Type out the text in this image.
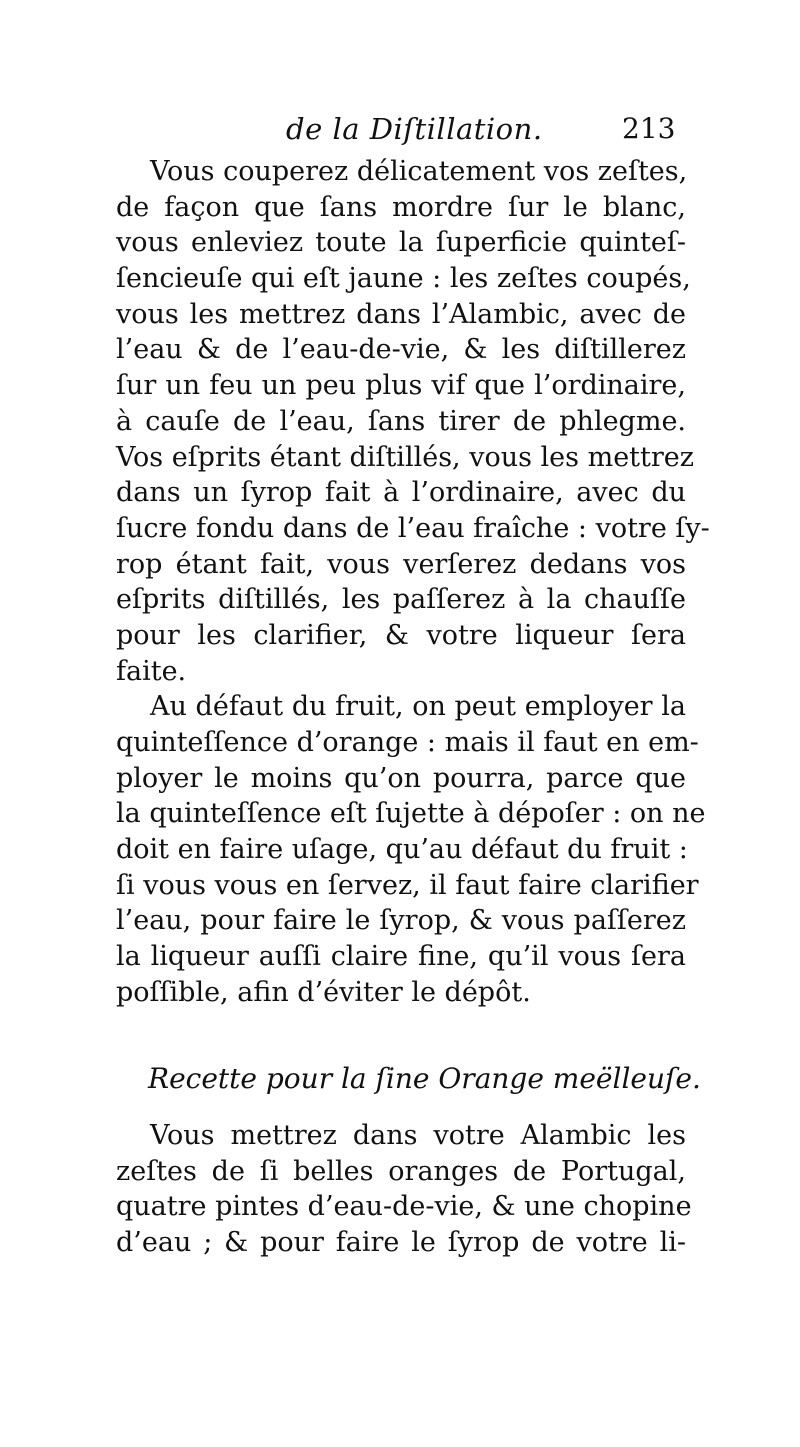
de la Diſtillation.	213
Vous couperez délicatement vos zeſtes,
de façon que ſans mordre ſur le blanc,
vous enleviez toute la ſuperficie quinteſ-
ſencieuſe qui eſt jaune : les zeſtes coupés,
vous les mettrez dans l’Alambic, avec de
l’eau & de l’eau-de-vie, & les diſtillerez
ſur un feu un peu plus vif que l’ordinaire,
à cauſe de l’eau, ſans tirer de phlegme.
Vos eſprits étant diſtillés, vous les mettrez
dans un ſyrop fait à l’ordinaire, avec du
ſucre fondu dans de l’eau fraîche : votre ſy-
rop étant fait, vous verſerez dedans vos
eſprits diſtillés, les paſſerez à la chauſſe
pour les clarifier, & votre liqueur ſera
faite.
Au défaut du fruit, on peut employer la
quinteſſence d’orange : mais il faut en em-
ployer le moins qu’on pourra, parce que
la quinteſſence eſt ſujette à dépoſer : on ne
doit en faire uſage, qu’au défaut du fruit :
ſi vous vous en ſervez, il faut faire clarifier
l’eau, pour faire le ſyrop, & vous paſſerez
la liqueur auſſi claire fine, qu’il vous ſera
poſſible, afin d’éviter le dépôt.
Recette pour la ſine Orange meëlleuſe.
Vous mettrez dans votre Alambic les
zeſtes de ſi belles oranges de Portugal,
quatre pintes d’eau-de-vie, & une chopine
d’eau ; & pour faire le ſyrop de votre li-
